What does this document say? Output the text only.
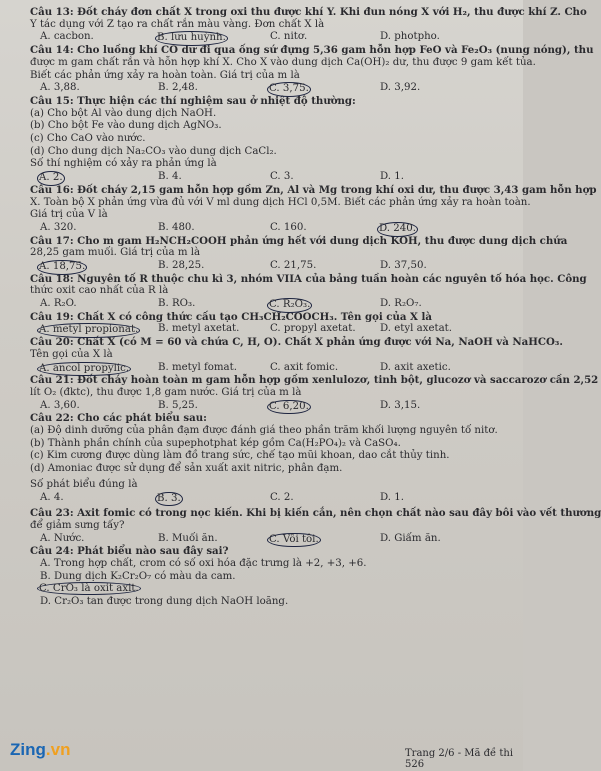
Câu 13: Đốt cháy đơn chất X trong oxi thu được khí Y. Khi đun nóng X với H₂, thu được khí Z. Cho
Y tác dụng với Z tạo ra chất rắn màu vàng. Đơn chất X là
A. cacbon.	B. lưu huỳnh.	C. nitơ.	D. photpho.
Câu 14: Cho luồng khí CO dư đi qua ống sứ đựng 5,36 gam hỗn hợp FeO và Fe₂O₃ (nung nóng), thu
được m gam chất rắn và hỗn hợp khí X. Cho X vào dung dịch Ca(OH)₂ dư, thu được 9 gam kết tủa.
Biết các phản ứng xảy ra hoàn toàn. Giá trị của m là
A. 3,88.	B. 2,48.	C. 3,75.	D. 3,92.
Câu 15: Thực hiện các thí nghiệm sau ở nhiệt độ thường:
(a) Cho bột Al vào dung dịch NaOH.
(b) Cho bột Fe vào dung dịch AgNO₃.
(c) Cho CaO vào nước.
(d) Cho dung dịch Na₂CO₃ vào dung dịch CaCl₂.
Số thí nghiệm có xảy ra phản ứng là
A. 2.	B. 4.	C. 3.	D. 1.
Câu 16: Đốt cháy 2,15 gam hỗn hợp gồm Zn, Al và Mg trong khí oxi dư, thu được 3,43 gam hỗn hợp
X. Toàn bộ X phản ứng vừa đủ với V ml dung dịch HCl 0,5M. Biết các phản ứng xảy ra hoàn toàn.
Giá trị của V là
A. 320.	B. 480.	C. 160.	D. 240.
Câu 17: Cho m gam H₂NCH₂COOH phản ứng hết với dung dịch KOH, thu được dung dịch chứa
28,25 gam muối. Giá trị của m là
A. 18,75.	B. 28,25.	C. 21,75.	D. 37,50.
Câu 18: Nguyên tố R thuộc chu kì 3, nhóm VIIA của bảng tuần hoàn các nguyên tố hóa học. Công
thức oxit cao nhất của R là
A. R₂O.	B. RO₃.	C. R₂O₃.	D. R₂O₇.
Câu 19: Chất X có công thức cấu tạo CH₃CH₂COOCH₃. Tên gọi của X là
A. metyl propionat. B. metyl axetat.	C. propyl axetat. D. etyl axetat.
Câu 20: Chất X (có M = 60 và chứa C, H, O). Chất X phản ứng được với Na, NaOH và NaHCO₃.
Tên gọi của X là
A. ancol propylic.	B. metyl fomat.	C. axit fomic.	D. axit axetic.
Câu 21: Đốt cháy hoàn toàn m gam hỗn hợp gồm xenlulozơ, tinh bột, glucozơ và saccarozơ cần 2,52
lít O₂ (đktc), thu được 1,8 gam nước. Giá trị của m là
A. 3,60.	B. 5,25.	C. 6,20.	D. 3,15.
Câu 22: Cho các phát biểu sau:
(a) Độ dinh dưỡng của phân đạm được đánh giá theo phần trăm khối lượng nguyên tố nitơ.
(b) Thành phần chính của supephotphat kép gồm Ca(H₂PO₄)₂ và CaSO₄.
(c) Kim cương được dùng làm đồ trang sức, chế tạo mũi khoan, dao cắt thủy tinh.
(d) Amoniac được sử dụng để sản xuất axit nitric, phân đạm.
Số phát biểu đúng là
A. 4.	B. 3.	C. 2.	D. 1.
Câu 23: Axit fomic có trong nọc kiến. Khi bị kiến cắn, nên chọn chất nào sau đây bôi vào vết thương
để giảm sưng tấy?
A. Nước.	B. Muối ăn.	C. Vôi tôi.	D. Giấm ăn.
Câu 24: Phát biểu nào sau đây sai?
A. Trong hợp chất, crom có số oxi hóa đặc trưng là +2, +3, +6.
B. Dung dịch K₂Cr₂O₇ có màu da cam.
C. CrO₃ là oxit axit.
D. Cr₂O₃ tan được trong dung dịch NaOH loãng.
Zing.vn	Trang 2/6 - Mã đề thi 526
